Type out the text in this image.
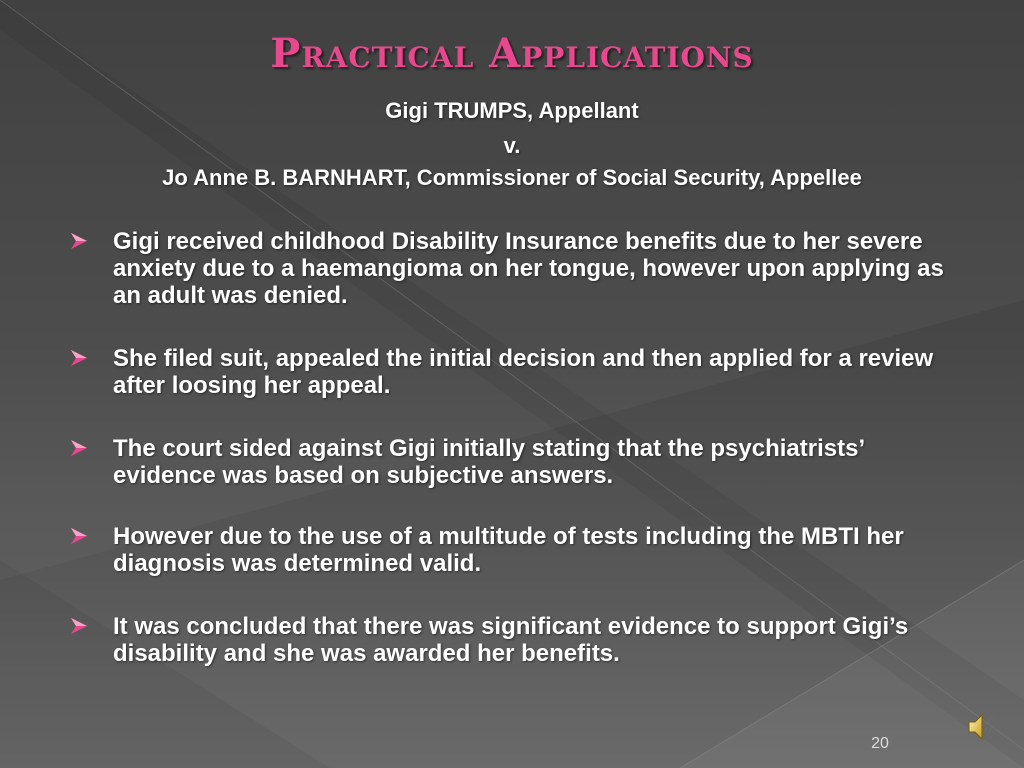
Practical Applications

Gigi TRUMPS, Appellant

v.

Jo Anne B. BARNHART, Commissioner of Social Security, Appellee

Gigi received childhood Disability Insurance benefits due to her severe anxiety due to a haemangioma on her tongue, however upon applying as an adult was denied.
She filed suit, appealed the initial decision and then applied for a review after loosing her appeal.
The court sided against Gigi initially stating that the psychiatrists’ evidence was based on subjective answers.
However due to the use of a multitude of tests including the MBTI her diagnosis was determined valid.
It was concluded that there was significant evidence to support Gigi’s disability and she was awarded her benefits.
20
